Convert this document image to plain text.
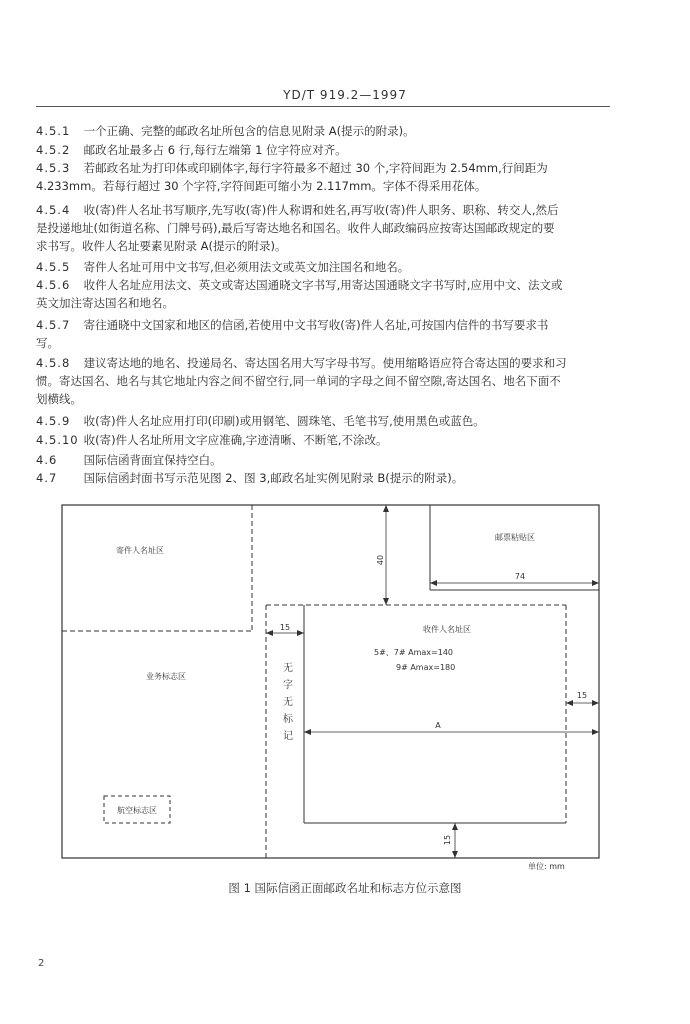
YD/T 919.2—1997
4.5.1 一个正确、完整的邮政名址所包含的信息见附录 A(提示的附录)。
4.5.2 邮政名址最多占 6 行,每行左端第 1 位字符应对齐。
4.5.3 若邮政名址为打印体或印刷体字,每行字符最多不超过 30 个,字符间距为 2.54mm,行间距为
4.233mm。若每行超过 30 个字符,字符间距可缩小为 2.117mm。字体不得采用花体。
4.5.4 收(寄)件人名址书写顺序,先写收(寄)件人称谓和姓名,再写收(寄)件人职务、职称、转交人,然后
是投递地址(如街道名称、门牌号码),最后写寄达地名和国名。收件人邮政编码应按寄达国邮政规定的要
求书写。收件人名址要素见附录 A(提示的附录)。
4.5.5 寄件人名址可用中文书写,但必须用法文或英文加注国名和地名。
4.5.6 收件人名址应用法文、英文或寄达国通晓文字书写,用寄达国通晓文字书写时,应用中文、法文或
英文加注寄达国名和地名。
4.5.7 寄往通晓中文国家和地区的信函,若使用中文书写收(寄)件人名址,可按国内信件的书写要求书
写。
4.5.8 建议寄达地的地名、投递局名、寄达国名用大写字母书写。使用缩略语应符合寄达国的要求和习
惯。寄达国名、地名与其它地址内容之间不留空行,同一单词的字母之间不留空隙,寄达国名、地名下面不
划横线。
4.5.9 收(寄)件人名址应用打印(印刷)或用钢笔、圆珠笔、毛笔书写,使用黑色或蓝色。
4.5.10 收(寄)件人名址所用文字应准确,字迹清晰、不断笔,不涂改。
4.6 国际信函背面宜保持空白。
4.7 国际信函封面书写示范见图 2、图 3,邮政名址实例见附录 B(提示的附录)。
寄件人名址区
邮票粘贴区
业务标志区
航空标志区
收件人名址区
5#、7# Amax=140
9# Amax=180
40
74
15
15
A
15
无
字
无
标
记
单位: mm
图 1 国际信函正面邮政名址和标志方位示意图
2
